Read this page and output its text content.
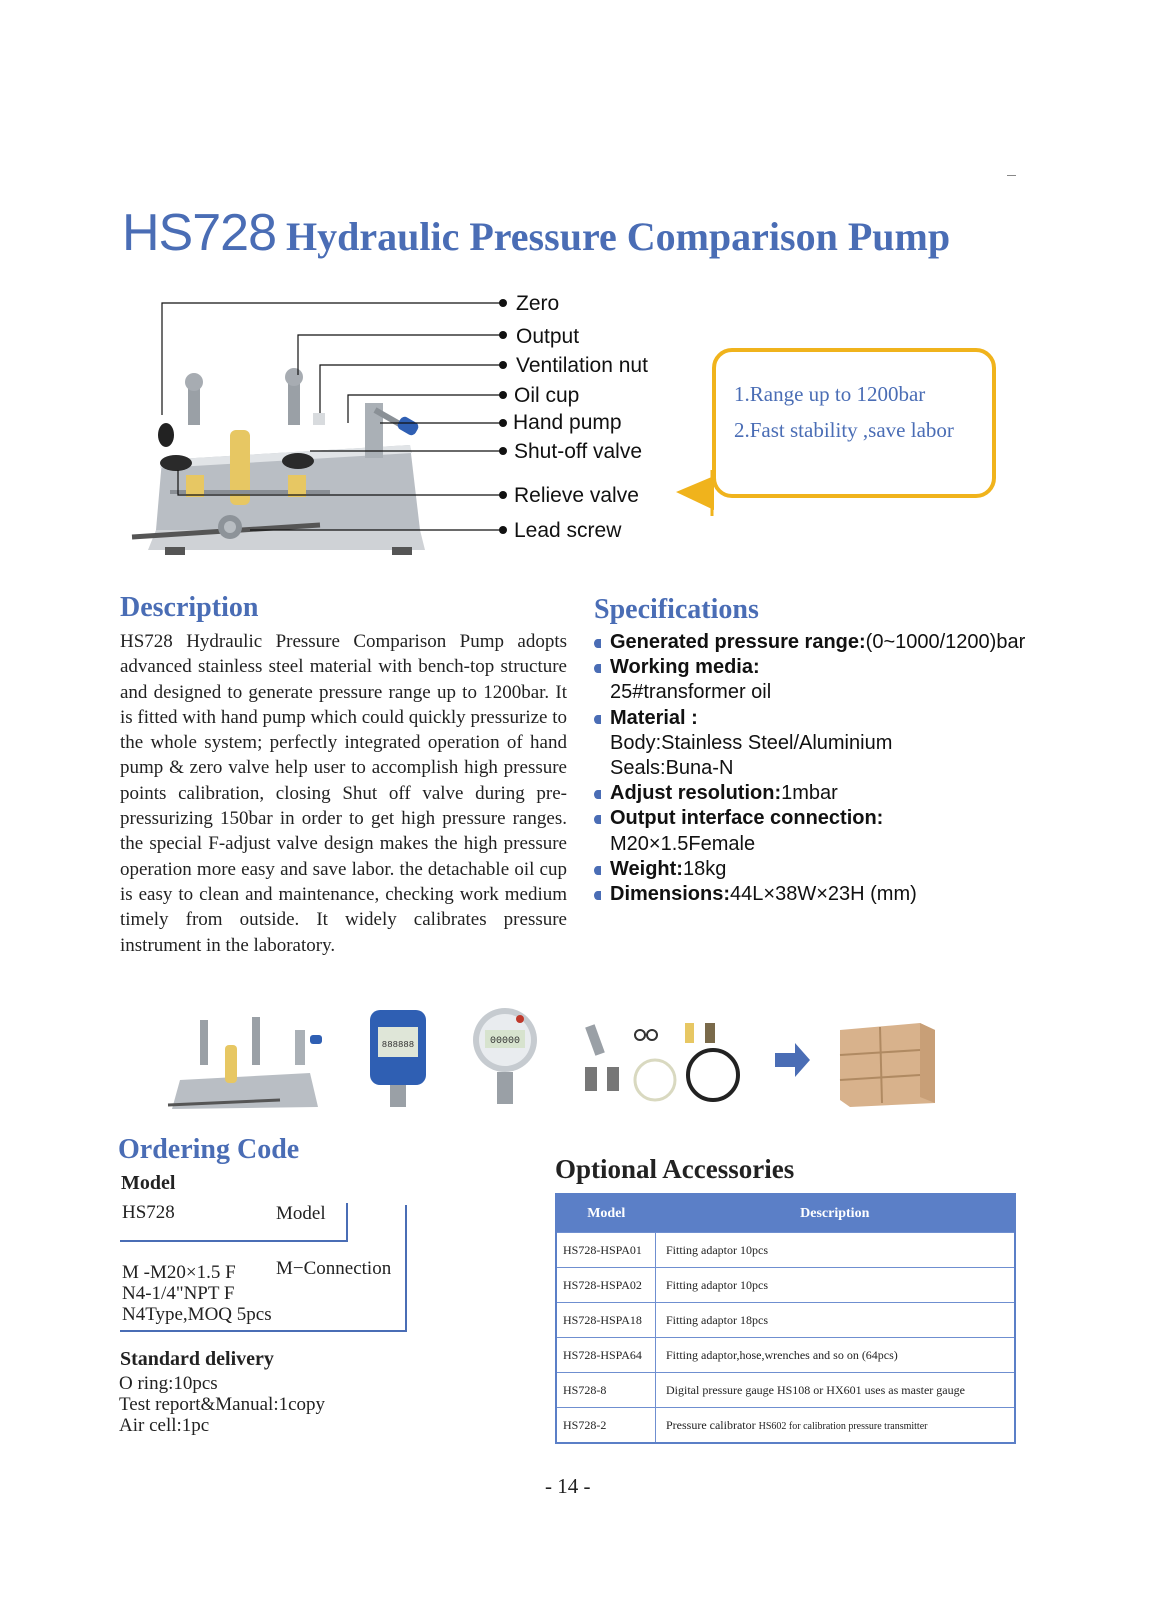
HS728 Hydraulic Pressure Comparison Pump
Zero
Output
Ventilation nut
Oil cup
Hand pump
Shut-off valve
Relieve valve
Lead screw
1.Range up to 1200bar
2.Fast stability ,save labor
Description
HS728 Hydraulic Pressure Comparison Pump adopts advanced stainless steel material with bench-top structure and designed to generate pressure range up to 1200bar. It is fitted with hand pump which could quickly pressurize to the whole system; perfectly integrated operation of hand pump & zero valve help user to accomplish high pressure points calibration, closing Shut off valve during pre-pressurizing 150bar in order to get high pressure ranges. the special F-adjust valve design makes the high pressure operation more easy and save labor. the detachable oil cup is easy to clean and maintenance, checking work medium timely from outside. It widely calibrates pressure instrument in the laboratory.
Specifications
Generated pressure range:(0~1000/1200)bar
Working media:
25#transformer oil
Material :
Body:Stainless Steel/Aluminium
Seals:Buna-N
Adjust resolution:1mbar
Output interface connection:
M20×1.5Female
Weight:18kg
Dimensions:44L×38W×23H (mm)
888888	00000
Ordering Code
Model
HS728	Model
M−Connection
M -M20×1.5 F
N4-1/4"NPT F
N4Type,MOQ 5pcs
Standard delivery
O ring:10pcs
Test report&Manual:1copy
Air cell:1pc
Optional Accessories
Model	Description
HS728-HSPA01	Fitting adaptor 10pcs
HS728-HSPA02	Fitting adaptor 10pcs
HS728-HSPA18	Fitting adaptor 18pcs
HS728-HSPA64	Fitting adaptor,hose,wrenches and so on (64pcs)
HS728-8	Digital pressure gauge HS108 or HX601 uses as master gauge
HS728-2	Pressure calibrator HS602 for calibration pressure transmitter
- 14 -
